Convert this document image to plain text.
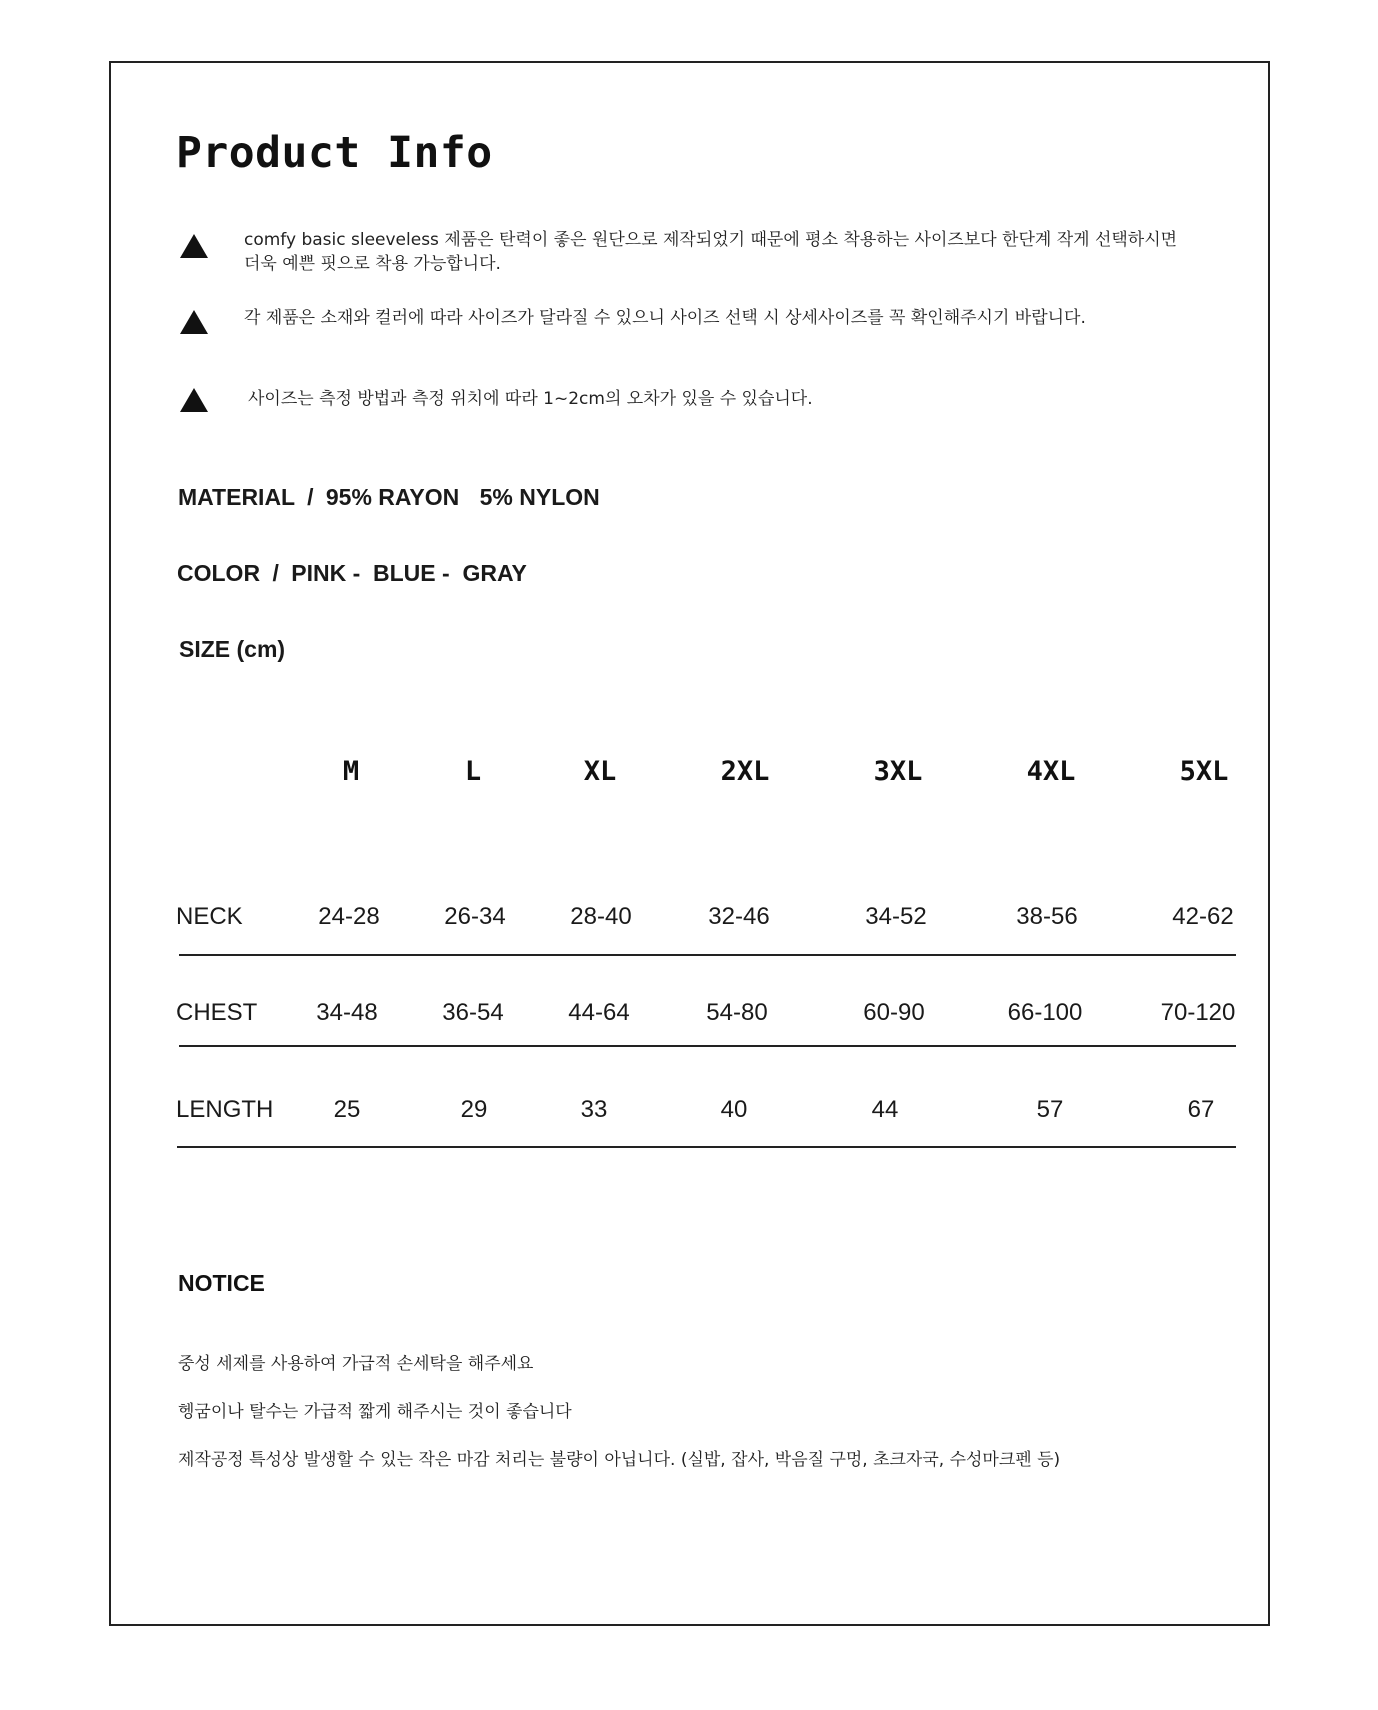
Product Info
comfy basic sleeveless 제품은 탄력이 좋은 원단으로 제작되었기 때문에 평소 착용하는 사이즈보다 한단계 작게 선택하시면
더욱 예쁜 핏으로 착용 가능합니다.
각 제품은 소재와 컬러에 따라 사이즈가 달라질 수 있으니 사이즈 선택 시 상세사이즈를 꼭 확인해주시기 바랍니다.
사이즈는 측정 방법과 측정 위치에 따라 1~2cm의 오차가 있을 수 있습니다.
MATERIAL / 95% RAYON 5% NYLON
COLOR / PINK -  BLUE -  GRAY
SIZE (cm)
M	L	XL	2XL	3XL	4XL	5XL
NECK	24-28	26-34	28-40	32-46	34-52	38-56	42-62
CHEST 34-48	36-54	44-64	54-80	60-90	66-100	70-120
LENGTH	25	29	33	40	44	57	67
NOTICE
중성 세제를 사용하여 가급적 손세탁을 해주세요
헹굼이나 탈수는 가급적 짧게 해주시는 것이 좋습니다
제작공정 특성상 발생할 수 있는 작은 마감 처리는 불량이 아닙니다. (실밥, 잡사, 박음질 구멍, 초크자국, 수성마크펜 등)
